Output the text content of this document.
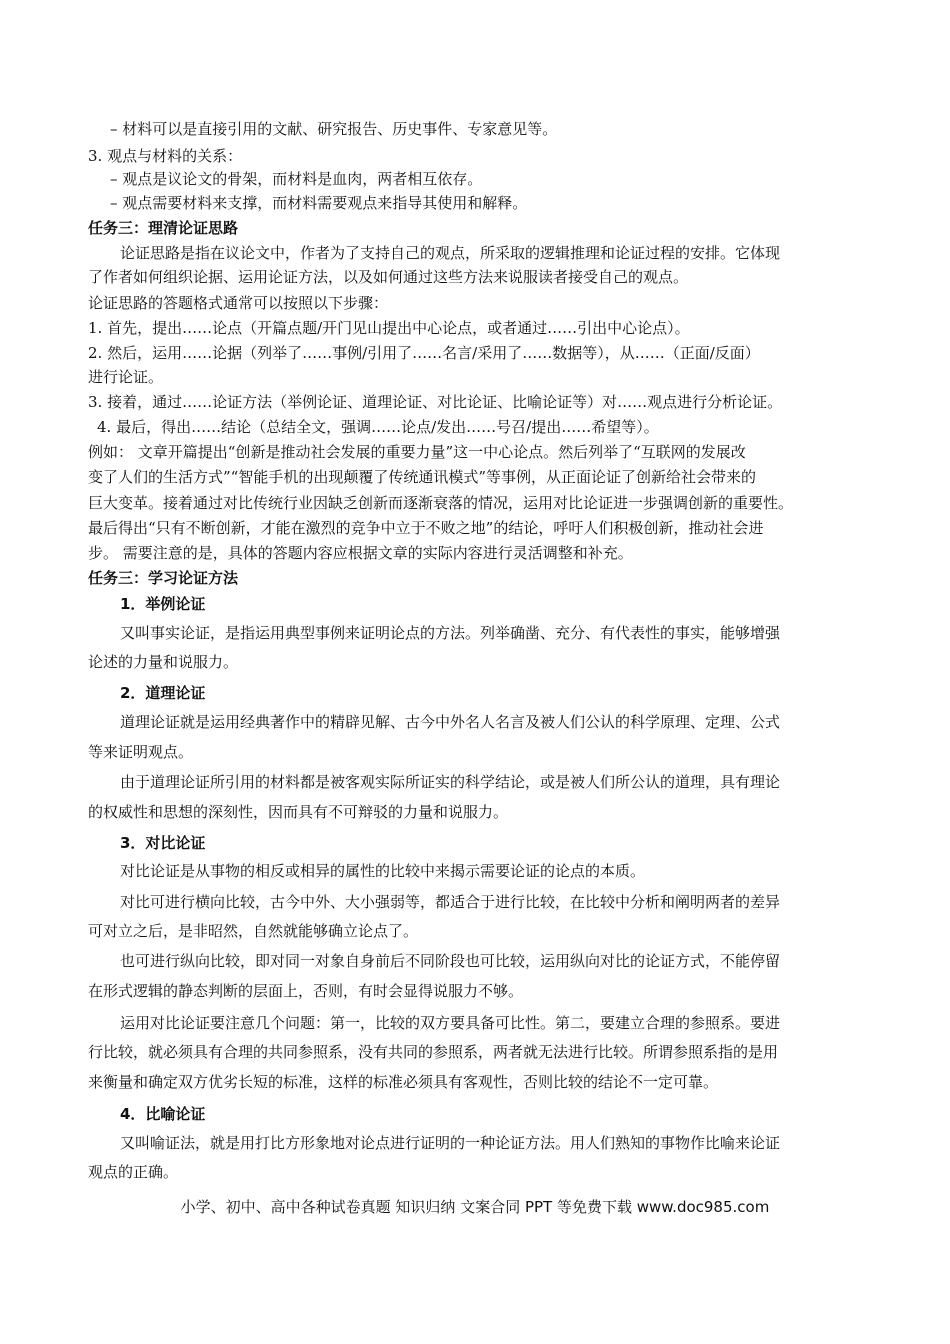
– 材料可以是直接引用的文献、研究报告、历史事件、专家意见等。
3. 观点与材料的关系：
– 观点是议论文的骨架，而材料是血肉，两者相互依存。
– 观点需要材料来支撑，而材料需要观点来指导其使用和解释。
任务三：理清论证思路
论证思路是指在议论文中，作者为了支持自己的观点，所采取的逻辑推理和论证过程的安排。它体现
了作者如何组织论据、运用论证方法，以及如何通过这些方法来说服读者接受自己的观点。
论证思路的答题格式通常可以按照以下步骤：
1. 首先，提出……论点（开篇点题/开门见山提出中心论点，或者通过……引出中心论点）。
2. 然后，运用……论据（列举了……事例/引用了……名言/采用了……数据等），从……（正面/反面）
进行论证。
3. 接着，通过……论证方法（举例论证、道理论证、对比论证、比喻论证等）对……观点进行分析论证。
4. 最后，得出……结论（总结全文，强调……论点/发出……号召/提出……希望等）。
例如： 文章开篇提出“创新是推动社会发展的重要力量”这一中心论点。然后列举了“互联网的发展改
变了人们的生活方式”“智能手机的出现颠覆了传统通讯模式”等事例，从正面论证了创新给社会带来的
巨大变革。接着通过对比传统行业因缺乏创新而逐渐衰落的情况，运用对比论证进一步强调创新的重要性。
最后得出“只有不断创新，才能在激烈的竞争中立于不败之地”的结论，呼吁人们积极创新，推动社会进
步。 需要注意的是，具体的答题内容应根据文章的实际内容进行灵活调整和补充。
任务三：学习论证方法
1．举例论证
又叫事实论证，是指运用典型事例来证明论点的方法。列举确凿、充分、有代表性的事实，能够增强
论述的力量和说服力。
2．道理论证
道理论证就是运用经典著作中的精辟见解、古今中外名人名言及被人们公认的科学原理、定理、公式
等来证明观点。
由于道理论证所引用的材料都是被客观实际所证实的科学结论，或是被人们所公认的道理，具有理论
的权威性和思想的深刻性，因而具有不可辩驳的力量和说服力。
3．对比论证
对比论证是从事物的相反或相异的属性的比较中来揭示需要论证的论点的本质。
对比可进行横向比较，古今中外、大小强弱等，都适合于进行比较，在比较中分析和阐明两者的差异
可对立之后，是非昭然，自然就能够确立论点了。
也可进行纵向比较，即对同一对象自身前后不同阶段也可比较，运用纵向对比的论证方式，不能停留
在形式逻辑的静态判断的层面上，否则，有时会显得说服力不够。
运用对比论证要注意几个问题：第一，比较的双方要具备可比性。第二，要建立合理的参照系。要进
行比较，就必须具有合理的共同参照系，没有共同的参照系，两者就无法进行比较。所谓参照系指的是用
来衡量和确定双方优劣长短的标准，这样的标准必须具有客观性，否则比较的结论不一定可靠。
4．比喻论证
又叫喻证法，就是用打比方形象地对论点进行证明的一种论证方法。用人们熟知的事物作比喻来论证
观点的正确。
小学、初中、高中各种试卷真题 知识归纳 文案合同 PPT 等免费下载 www.doc985.com
